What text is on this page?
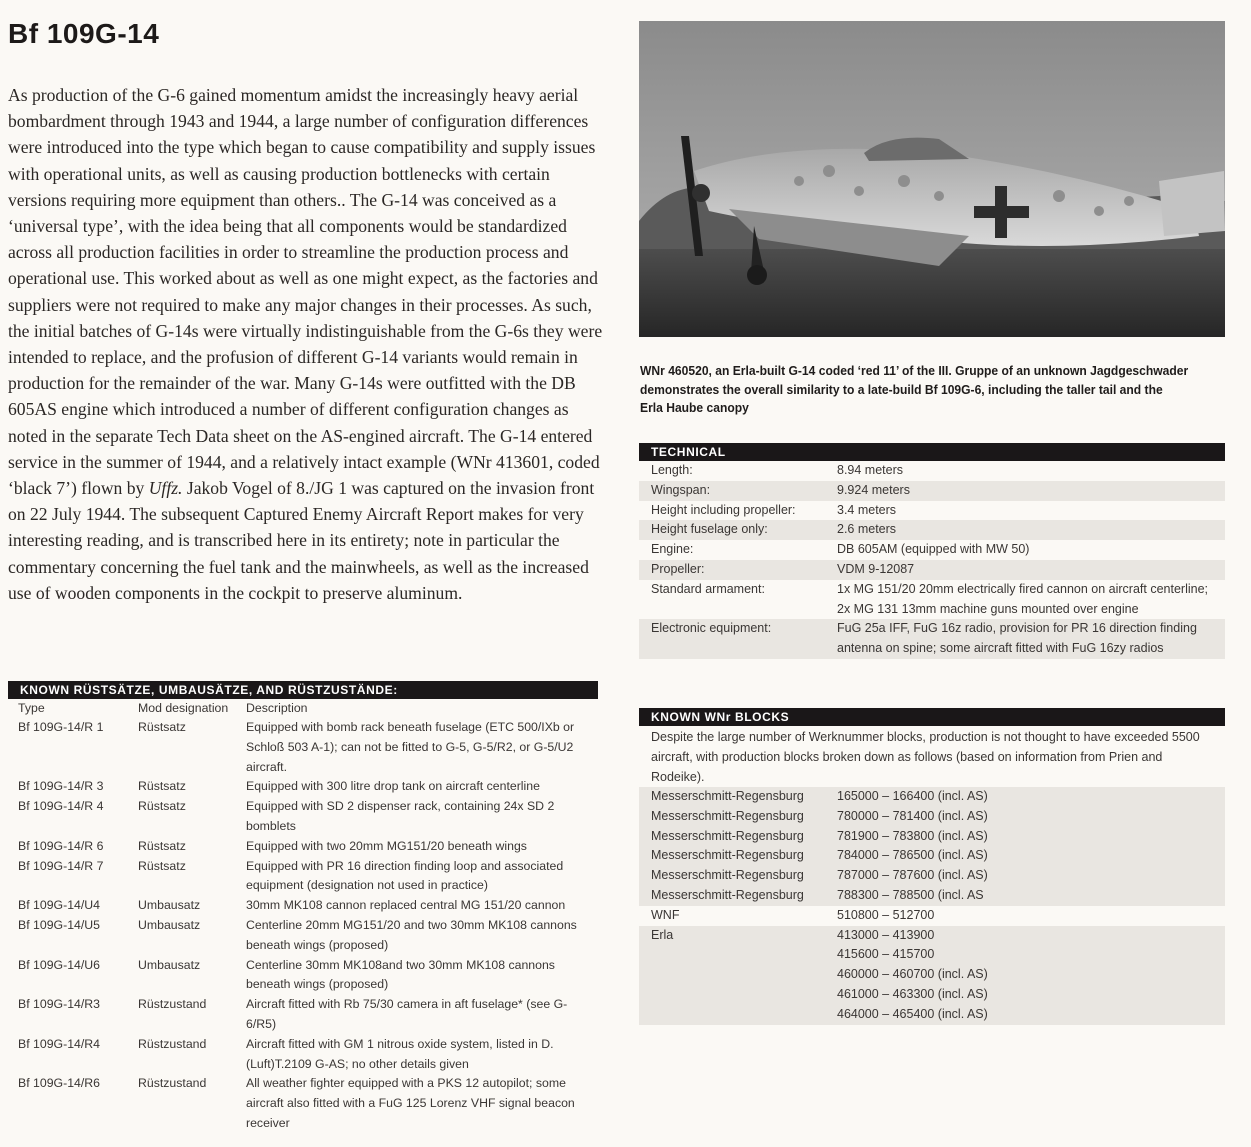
Bf 109G-14

As production of the G-6 gained momentum amidst the increasingly heavy aerial bombardment through 1943 and 1944, a large number of configuration differences were introduced into the type which began to cause compatibility and supply issues with operational units, as well as causing production bottlenecks with certain versions requiring more equipment than others.. The G-14 was conceived as a ‘universal type’, with the idea being that all components would be standardized across all production facilities in order to streamline the production process and operational use. This worked about as well as one might expect, as the factories and suppliers were not required to make any major changes in their processes. As such, the initial batches of G-14s were virtually indistinguishable from the G-6s they were intended to replace, and the profusion of different G-14 variants would remain in production for the remainder of the war. Many G-14s were outfitted with the DB 605AS engine which introduced a number of different configuration changes as noted in the separate Tech Data sheet on the AS-engined aircraft. The G-14 entered service in the summer of 1944, and a relatively intact example (WNr 413601, coded ‘black 7’) flown by Uffz. Jakob Vogel of 8./JG 1 was captured on the invasion front on 22 July 1944. The subsequent Captured Enemy Aircraft Report makes for very interesting reading, and is transcribed here in its entirety; note in particular the commentary concerning the fuel tank and the mainwheels, as well as the increased use of wooden components in the cockpit to preserve aluminum.

WNr 460520, an Erla-built G-14 coded ‘red 11’ of the III. Gruppe of an unknown Jagdgeschwader demonstrates the overall similarity to a late-build Bf 109G-6, including the taller tail and the Erla Haube canopy

TECHNICAL
Length:	8.94 meters
Wingspan:	9.924 meters
Height including propeller:	3.4 meters
Height fuselage only:	2.6 meters
Engine:	DB 605AM (equipped with MW 50)
Propeller:	VDM 9-12087
Standard armament:	1x MG 151/20 20mm electrically fired cannon on aircraft centerline;
2x MG 131 13mm machine guns mounted over engine
Electronic equipment:	FuG 25a IFF, FuG 16z radio, provision for PR 16 direction finding
antenna on spine; some aircraft fitted with FuG 16zy radios
KNOWN WNr BLOCKS
Despite the large number of Werknummer blocks, production is not thought to have exceeded 5500 aircraft, with production blocks broken down as follows (based on information from Prien and Rodeike).
Messerschmitt-Regensburg	165000 – 166400 (incl. AS)
Messerschmitt-Regensburg	780000 – 781400 (incl. AS)
Messerschmitt-Regensburg	781900 – 783800 (incl. AS)
Messerschmitt-Regensburg	784000 – 786500 (incl. AS)
Messerschmitt-Regensburg	787000 – 787600 (incl. AS)
Messerschmitt-Regensburg	788300 – 788500 (incl. AS
WNF	510800 – 512700
Erla	413000 – 413900
415600 – 415700
460000 – 460700 (incl. AS)
461000 – 463300 (incl. AS)
464000 – 465400 (incl. AS)
KNOWN RÜSTSÄTZE, UMBAUSÄTZE, AND RÜSTZUSTÄNDE:
Type	Mod designation	Description
Bf 109G-14/R 1	Rüstsatz	Equipped with bomb rack beneath fuselage (ETC 500/IXb or Schloß 503 A-1); can not be fitted to G-5, G-5/R2, or G-5/U2 aircraft.
Bf 109G-14/R 3	Rüstsatz	Equipped with 300 litre drop tank on aircraft centerline
Bf 109G-14/R 4	Rüstsatz	Equipped with SD 2 dispenser rack, containing 24x SD 2 bomblets
Bf 109G-14/R 6	Rüstsatz	Equipped with two 20mm MG151/20 beneath wings
Bf 109G-14/R 7	Rüstsatz	Equipped with PR 16 direction finding loop and associated equipment (designation not used in practice)
Bf 109G-14/U4	Umbausatz	30mm MK108 cannon replaced central MG 151/20 cannon
Bf 109G-14/U5	Umbausatz	Centerline 20mm MG151/20 and two 30mm MK108 cannons beneath wings (proposed)
Bf 109G-14/U6	Umbausatz	Centerline 30mm MK108and two 30mm MK108 cannons beneath wings (proposed)
Bf 109G-14/R3	Rüstzustand	Aircraft fitted with Rb 75/30 camera in aft fuselage* (see G-6/R5)
Bf 109G-14/R4	Rüstzustand	Aircraft fitted with GM 1 nitrous oxide system, listed in D.(Luft)T.2109 G-AS; no other details given
Bf 109G-14/R6	Rüstzustand	All weather fighter equipped with a PKS 12 autopilot; some aircraft also fitted with a FuG 125 Lorenz VHF signal beacon receiver
